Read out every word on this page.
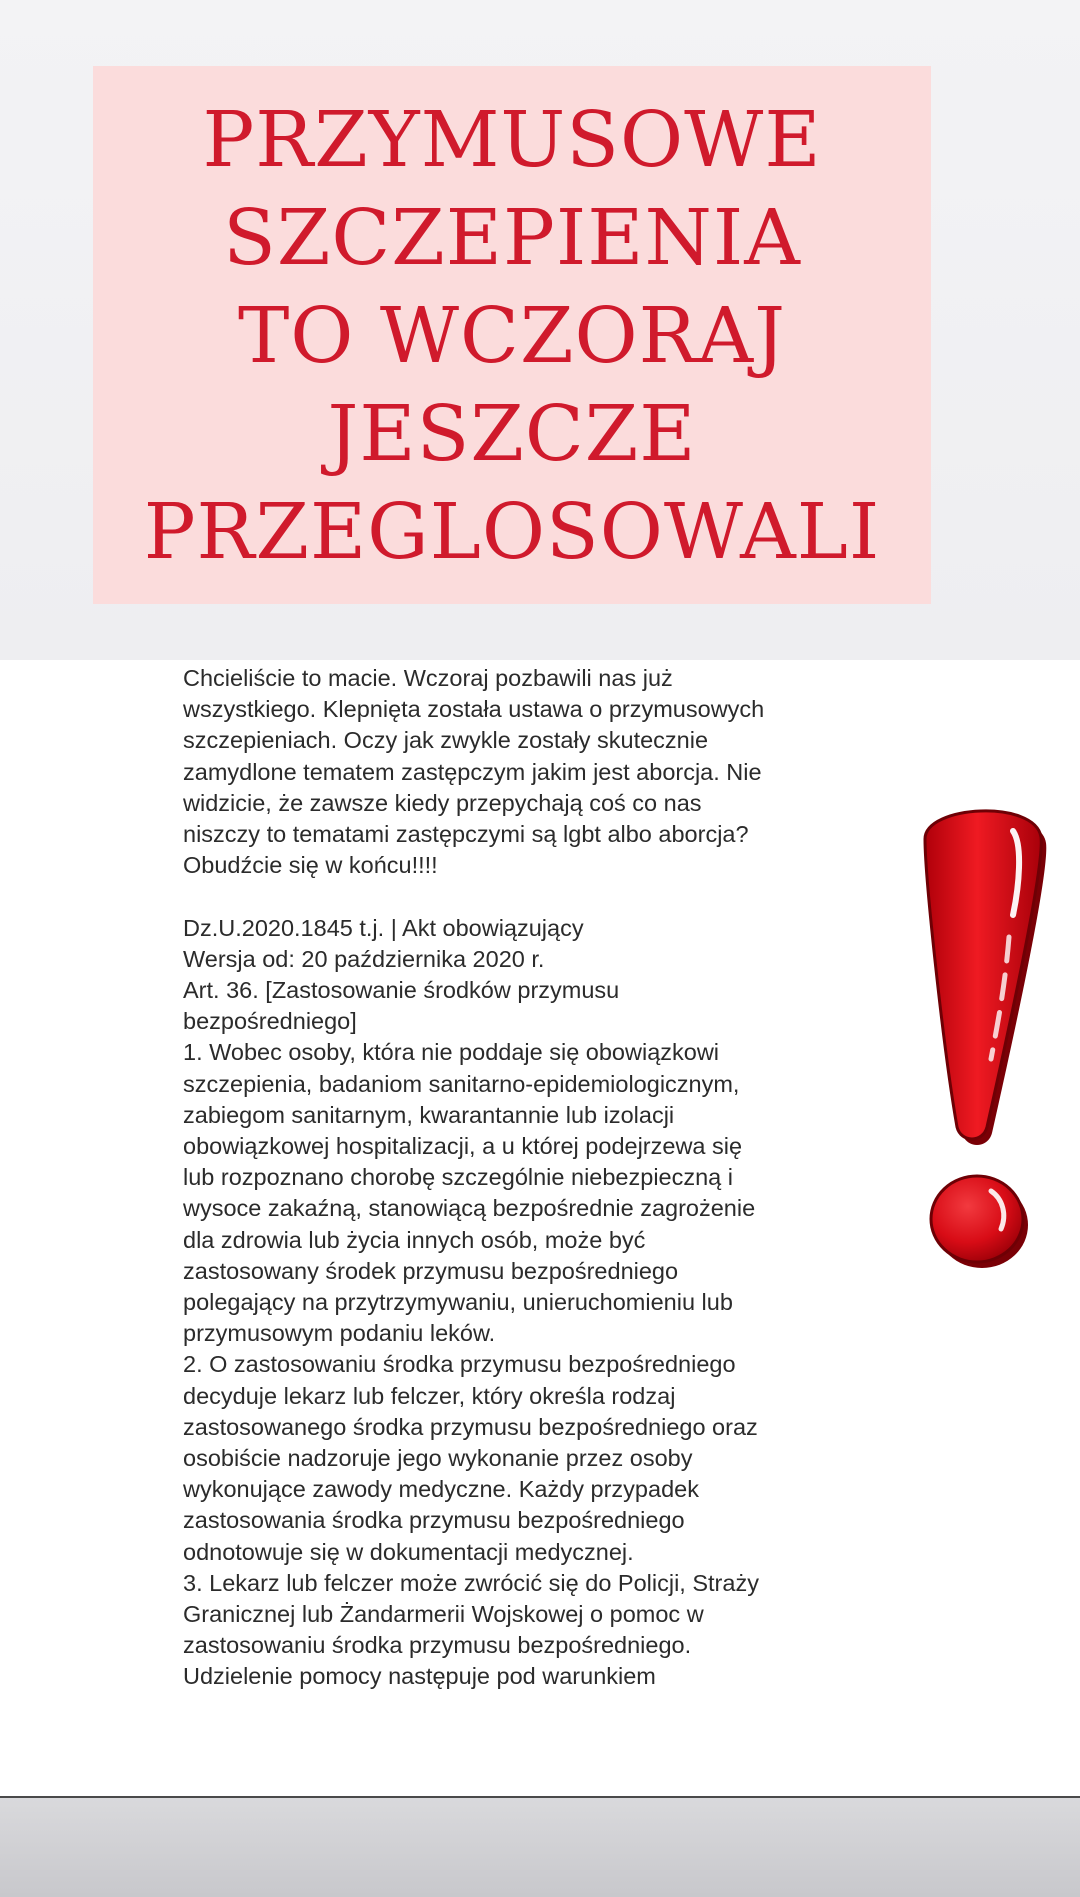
PRZYMUSOWE
SZCZEPIENIA
TO WCZORAJ
JESZCZE
PRZEGLOSOWALI
Chcieliście to macie. Wczoraj pozbawili nas już
wszystkiego. Klepnięta została ustawa o przymusowych
szczepieniach. Oczy jak zwykle zostały skutecznie
zamydlone tematem zastępczym jakim jest aborcja. Nie
widzicie, że zawsze kiedy przepychają coś co nas
niszczy to tematami zastępczymi są lgbt albo aborcja?
Obudźcie się w końcu!!!!
Dz.U.2020.1845 t.j. | Akt obowiązujący
Wersja od: 20 października 2020 r.
Art. 36. [Zastosowanie środków przymusu
bezpośredniego]
1. Wobec osoby, która nie poddaje się obowiązkowi
szczepienia, badaniom sanitarno-epidemiologicznym,
zabiegom sanitarnym, kwarantannie lub izolacji
obowiązkowej hospitalizacji, a u której podejrzewa się
lub rozpoznano chorobę szczególnie niebezpieczną i
wysoce zakaźną, stanowiącą bezpośrednie zagrożenie
dla zdrowia lub życia innych osób, może być
zastosowany środek przymusu bezpośredniego
polegający na przytrzymywaniu, unieruchomieniu lub
przymusowym podaniu leków.
2. O zastosowaniu środka przymusu bezpośredniego
decyduje lekarz lub felczer, który określa rodzaj
zastosowanego środka przymusu bezpośredniego oraz
osobiście nadzoruje jego wykonanie przez osoby
wykonujące zawody medyczne. Każdy przypadek
zastosowania środka przymusu bezpośredniego
odnotowuje się w dokumentacji medycznej.
3. Lekarz lub felczer może zwrócić się do Policji, Straży
Granicznej lub Żandarmerii Wojskowej o pomoc w
zastosowaniu środka przymusu bezpośredniego.
Udzielenie pomocy następuje pod warunkiem
